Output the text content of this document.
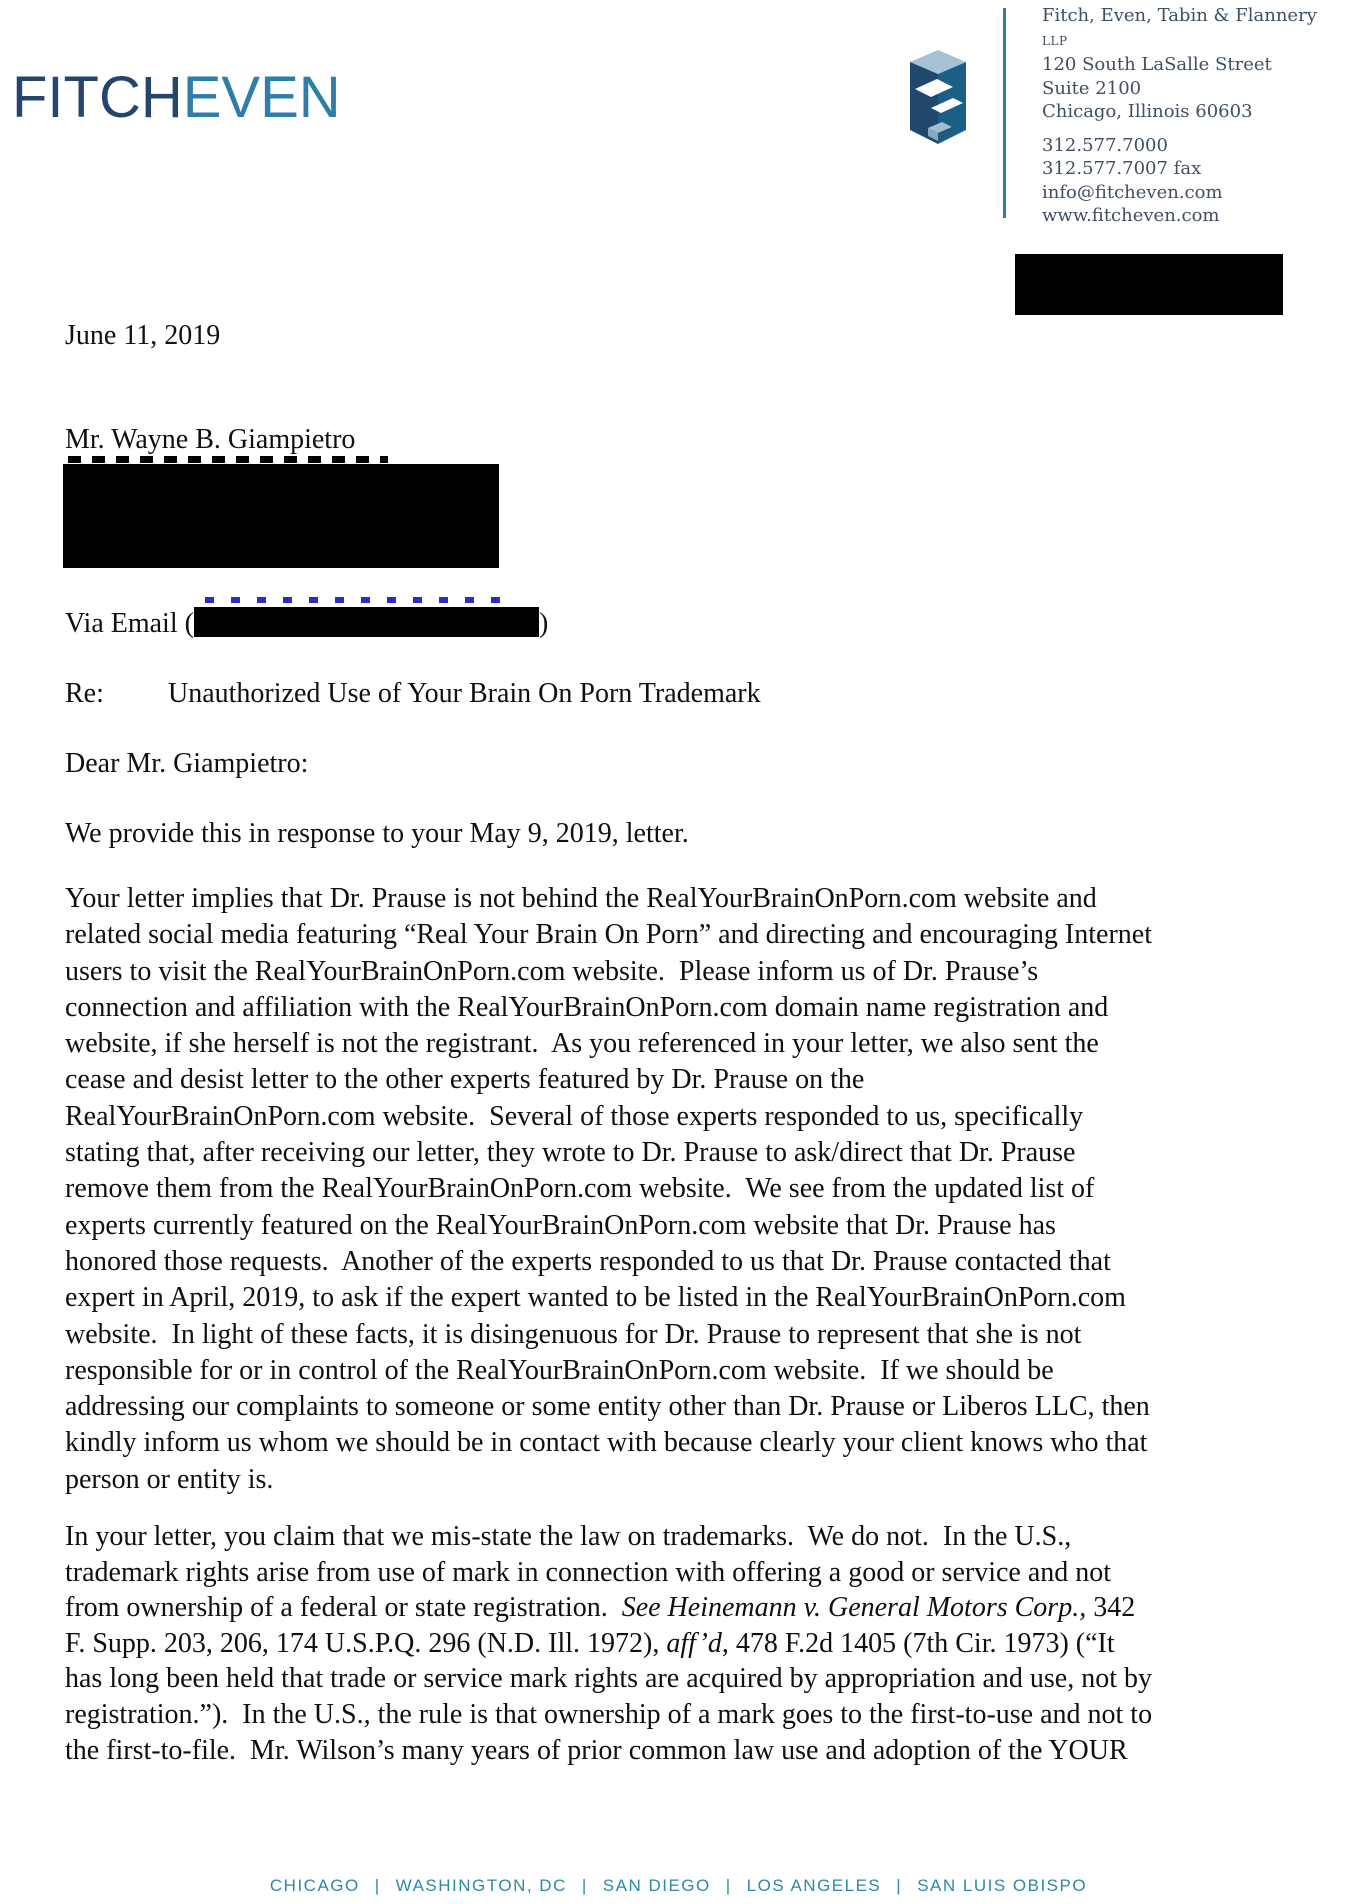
FITCHEVEN
Fitch, Even, Tabin & Flannery LLP
120 South LaSalle Street
Suite 2100
Chicago, Illinois 60603
312.577.7000
312.577.7007 fax
info@fitcheven.com
www.fitcheven.com
June 11, 2019
Mr. Wayne B. Giampietro
Via Email (	)
Re: Unauthorized Use of Your Brain On Porn Trademark
Dear Mr. Giampietro:
We provide this in response to your May 9, 2019, letter.
Your letter implies that Dr. Prause is not behind the RealYourBrainOnPorn.com website and
related social media featuring “Real Your Brain On Porn” and directing and encouraging Internet
users to visit the RealYourBrainOnPorn.com website.  Please inform us of Dr. Prause’s
connection and affiliation with the RealYourBrainOnPorn.com domain name registration and
website, if she herself is not the registrant.  As you referenced in your letter, we also sent the
cease and desist letter to the other experts featured by Dr. Prause on the
RealYourBrainOnPorn.com website.  Several of those experts responded to us, specifically
stating that, after receiving our letter, they wrote to Dr. Prause to ask/direct that Dr. Prause
remove them from the RealYourBrainOnPorn.com website.  We see from the updated list of
experts currently featured on the RealYourBrainOnPorn.com website that Dr. Prause has
honored those requests.  Another of the experts responded to us that Dr. Prause contacted that
expert in April, 2019, to ask if the expert wanted to be listed in the RealYourBrainOnPorn.com
website.  In light of these facts, it is disingenuous for Dr. Prause to represent that she is not
responsible for or in control of the RealYourBrainOnPorn.com website.  If we should be
addressing our complaints to someone or some entity other than Dr. Prause or Liberos LLC, then
kindly inform us whom we should be in contact with because clearly your client knows who that
person or entity is.
In your letter, you claim that we mis-state the law on trademarks.  We do not.  In the U.S.,
trademark rights arise from use of mark in connection with offering a good or service and not
from ownership of a federal or state registration.  See Heinemann v. General Motors Corp., 342
F. Supp. 203, 206, 174 U.S.P.Q. 296 (N.D. Ill. 1972), aff’d, 478 F.2d 1405 (7th Cir. 1973) (“It
has long been held that trade or service mark rights are acquired by appropriation and use, not by
registration.”).  In the U.S., the rule is that ownership of a mark goes to the first-to-use and not to
the first-to-file.  Mr. Wilson’s many years of prior common law use and adoption of the YOUR
CHICAGO | WASHINGTON, DC | SAN DIEGO | LOS ANGELES | SAN LUIS OBISPO
